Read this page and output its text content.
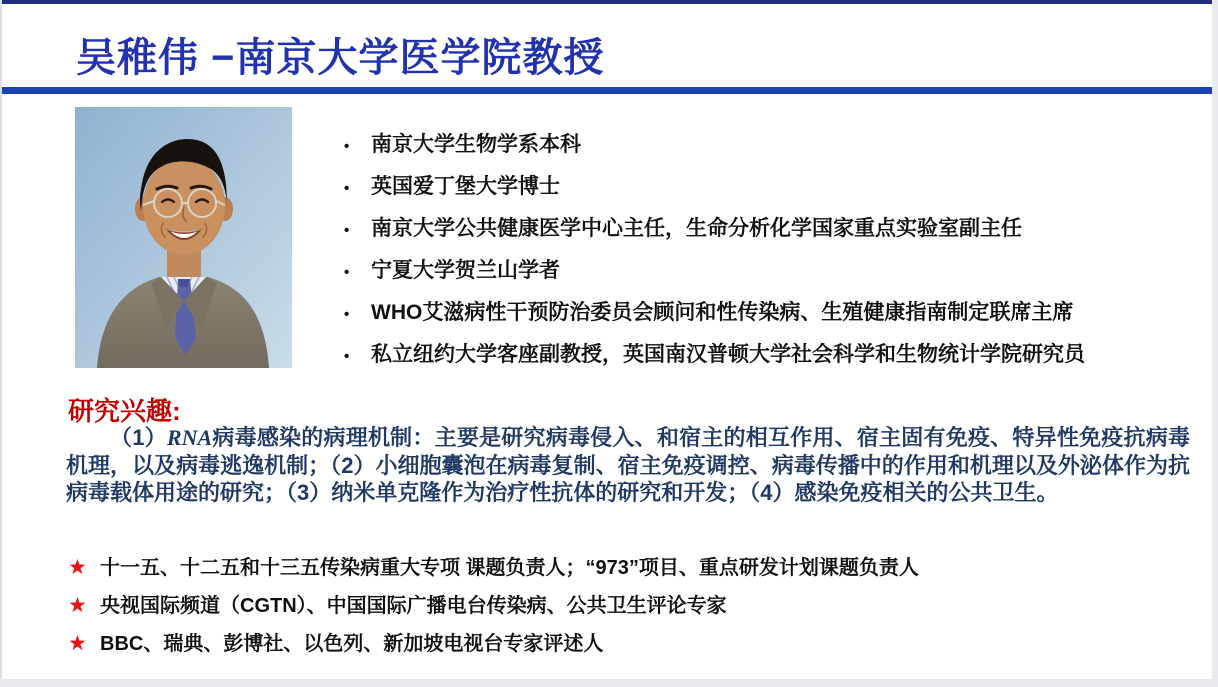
吴稚伟 −南京大学医学院教授
•	南京大学生物学系本科
•	英国爱丁堡大学博士
•	南京大学公共健康医学中心主任，生命分析化学国家重点实验室副主任
•	宁夏大学贺兰山学者
•	WHO艾滋病性干预防治委员会顾问和性传染病、生殖健康指南制定联席主席
•	私立纽约大学客座副教授，英国南汉普顿大学社会科学和生物统计学院研究员
研究兴趣:

（1）RNA病毒感染的病理机制：主要是研究病毒侵入、和宿主的相互作用、宿主固有免疫、特异性免疫抗病毒机理，以及病毒逃逸机制；（2）小细胞囊泡在病毒复制、宿主免疫调控、病毒传播中的作用和机理以及外泌体作为抗病毒载体用途的研究；（3）纳米单克隆作为治疗性抗体的研究和开发；（4）感染免疫相关的公共卫生。

★ 十一五、十二五和十三五传染病重大专项 课题负责人；“973”项目、重点研发计划课题负责人
★ 央视国际频道（CGTN）、中国国际广播电台传染病、公共卫生评论专家
★ BBC、瑞典、彭博社、以色列、新加坡电视台专家评述人
